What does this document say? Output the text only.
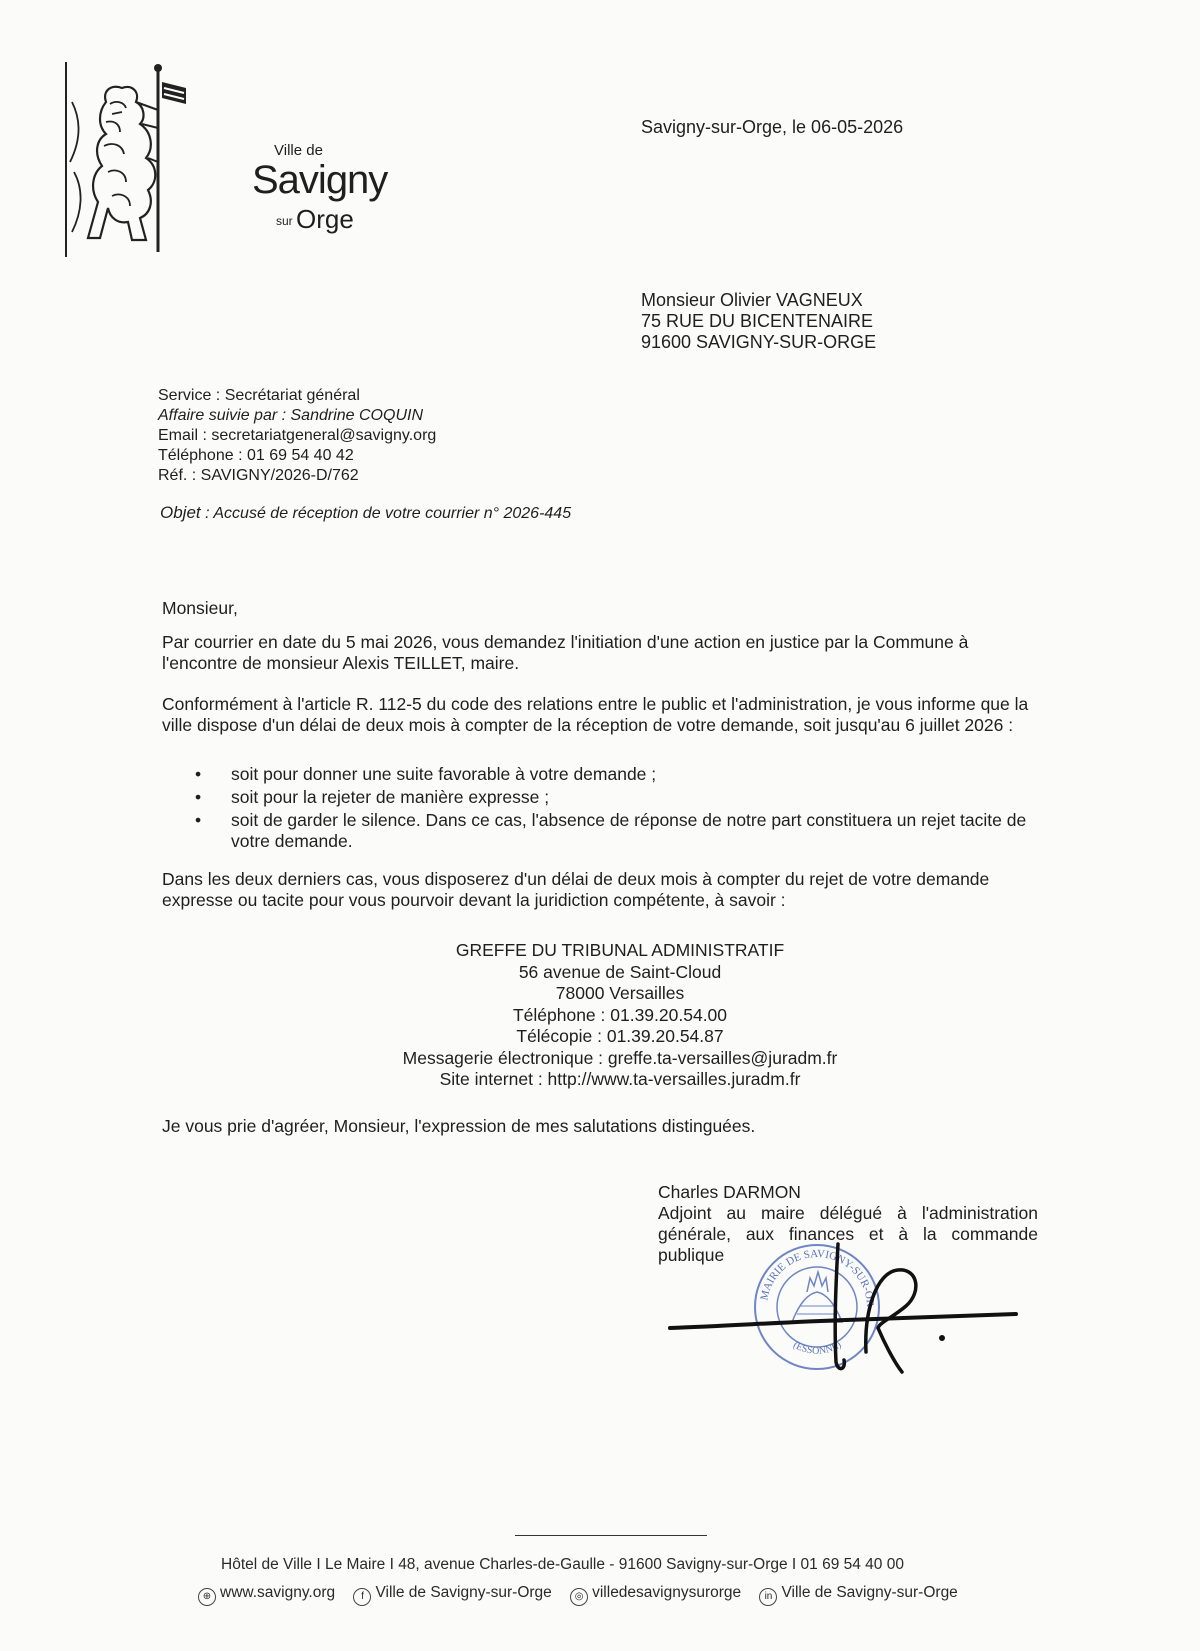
Ville de
Savigny
sur Orge
Savigny-sur-Orge, le 06-05-2026
Monsieur Olivier VAGNEUX
75 RUE DU BICENTENAIRE
91600 SAVIGNY-SUR-ORGE
Service : Secrétariat général
Affaire suivie par : Sandrine COQUIN
Email : secretariatgeneral@savigny.org
Téléphone : 01 69 54 40 42
Réf. : SAVIGNY/2026-D/762
Objet : Accusé de réception de votre courrier n° 2026-445
Monsieur,
Par courrier en date du 5 mai 2026, vous demandez l'initiation d'une action en justice par la Commune à l'encontre de monsieur Alexis TEILLET, maire.
Conformément à l'article R. 112-5 du code des relations entre le public et l'administration, je vous informe que la ville dispose d'un délai de deux mois à compter de la réception de votre demande, soit jusqu'au 6 juillet 2026 :
• soit pour donner une suite favorable à votre demande ;
• soit pour la rejeter de manière expresse ;
• soit de garder le silence. Dans ce cas, l'absence de réponse de notre part constituera un rejet tacite de votre demande.
Dans les deux derniers cas, vous disposerez d'un délai de deux mois à compter du rejet de votre demande expresse ou tacite pour vous pourvoir devant la juridiction compétente, à savoir :
GREFFE DU TRIBUNAL ADMINISTRATIF
56 avenue de Saint-Cloud
78000 Versailles
Téléphone : 01.39.20.54.00
Télécopie : 01.39.20.54.87
Messagerie électronique : greffe.ta-versailles@juradm.fr
Site internet : http://www.ta-versailles.juradm.fr
Je vous prie d'agréer, Monsieur, l'expression de mes salutations distinguées.
Charles DARMON
Adjoint au maire délégué à l'administration générale, aux finances et à la commande publique
MAIRIE DE SAVIGNY-SUR-OR
(ESSONNE)
Hôtel de Ville I Le Maire I 48, avenue Charles-de-Gaulle - 91600 Savigny-sur-Orge I 01 69 54 40 00
⊕ www.savigny.org	f Ville de Savigny-sur-Orge ◎ villedesavignysurorge in Ville de Savigny-sur-Orge
